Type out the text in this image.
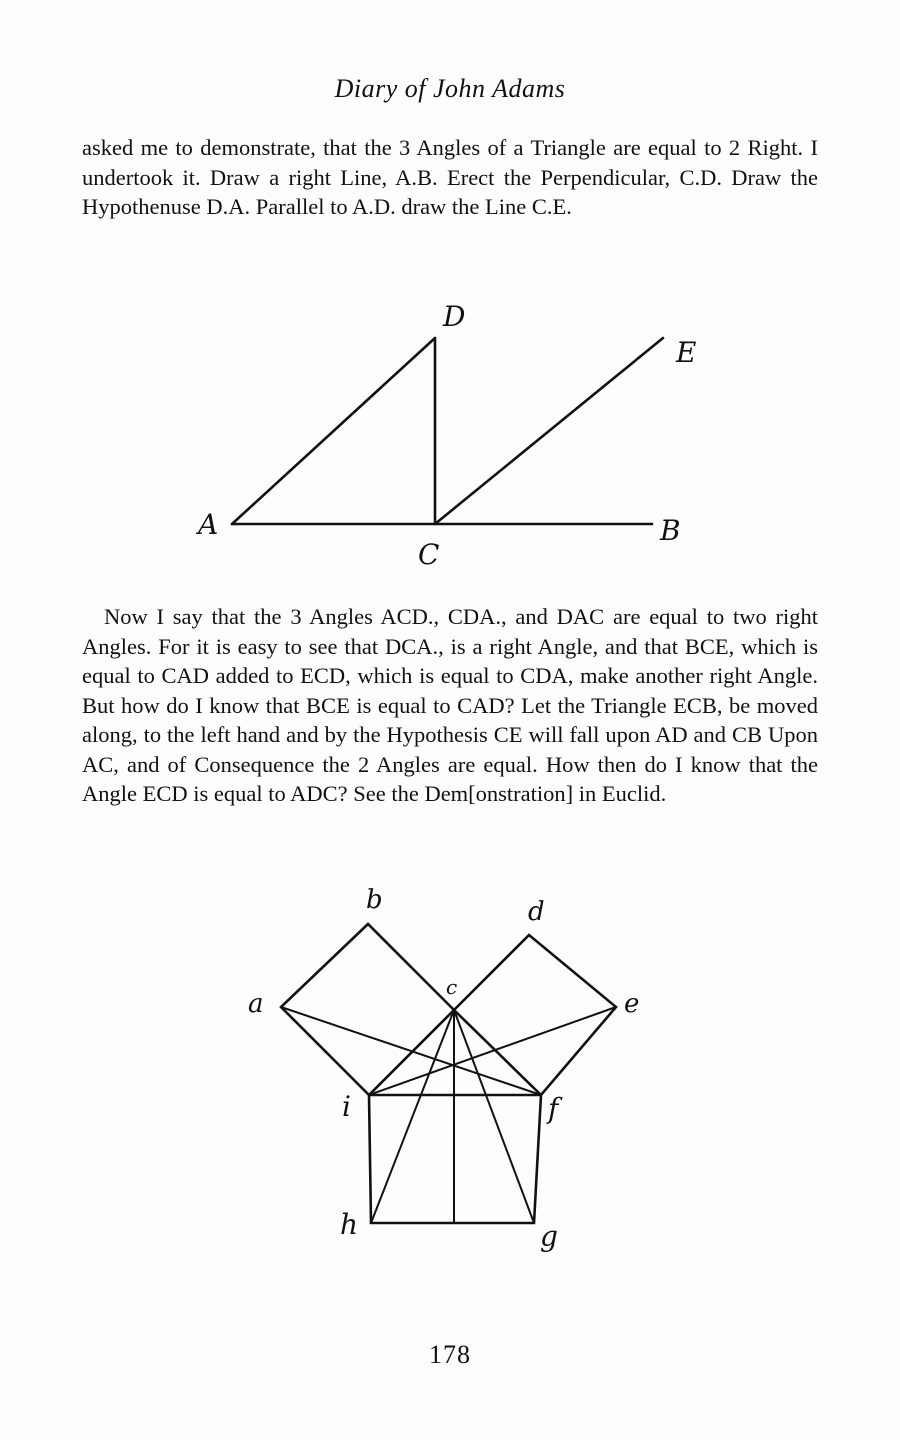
Diary of John Adams

asked me to demonstrate, that the 3 Angles of a Triangle are equal to 2 Right. I undertook it. Draw a right Line, A.B. Erect the Perpendicular, C.D. Draw the Hypothenuse D.A. Parallel to A.D. draw the Line C.E.

A	B
C
D
E

Now I say that the 3 Angles ACD., CDA., and DAC are equal to two right Angles. For it is easy to see that DCA., is a right Angle, and that BCE, which is equal to CAD added to ECD, which is equal to CDA, make another right Angle. But how do I know that BCE is equal to CAD? Let the Triangle ECB, be moved along, to the left hand and by the Hypothesis CE will fall upon AD and CB Upon AC, and of Consequence the 2 Angles are equal. How then do I know that the Angle ECD is equal to ADC? See the Dem[onstration] in Euclid.

a
b
c
d
e
f
g
h
i
178
